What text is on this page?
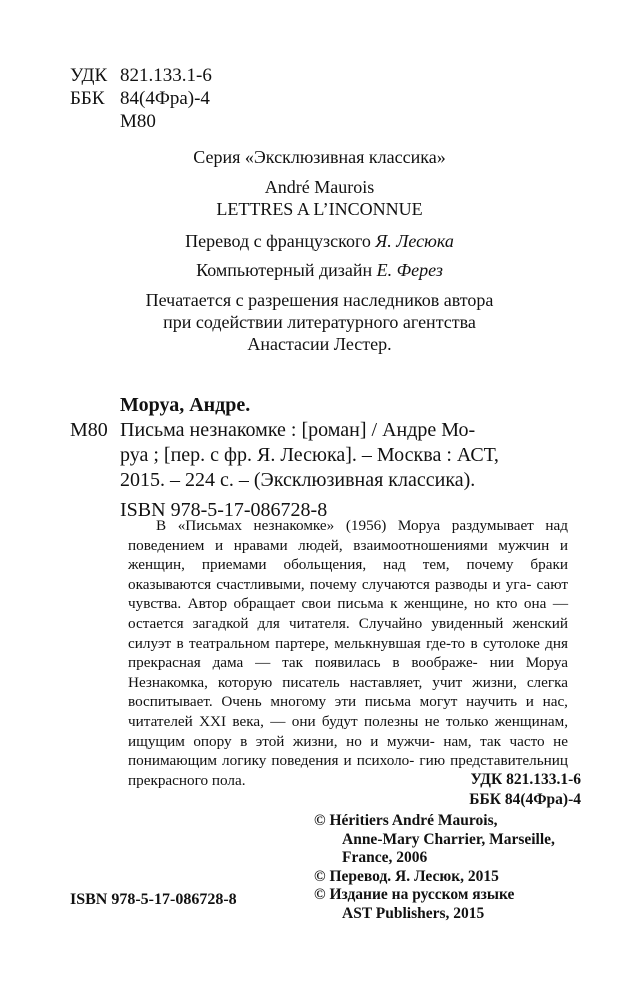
УДК 821.133.1-6
ББК 84(4Фра)-4
М80
Серия «Эксклюзивная классика»
André Maurois
LETTRES A L’INCONNUE
Перевод с французского Я. Лесюка
Компьютерный дизайн Е. Ферез
Печатается с разрешения наследников автора
при содействии литературного агентства
Анастасии Лестер.
Моруа, Андре.
М80 Письма незнакомке : [роман] / Андре Мо-
руа ; [пер. с фр. Я. Лесюка]. – Москва : АСТ,
2015. – 224 с. – (Эксклюзивная классика).
ISBN 978-5-17-086728-8

В «Письмах незнакомке» (1956) Моруа раздумывает над поведением и нравами людей, взаимоотношениями мужчин и женщин, приемами обольщения, над тем, почему браки оказываются счастливыми, почему случаются разводы и уга- сают чувства. Автор обращает свои письма к женщине, но кто она — остается загадкой для читателя. Случайно увиденный женский силуэт в театральном партере, мелькнувшая где-то в сутолоке дня прекрасная дама — так появилась в воображе- нии Моруа Незнакомка, которую писатель наставляет, учит жизни, слегка воспитывает. Очень многому эти письма могут научить и нас, читателей XXI века, — они будут полезны не только женщинам, ищущим опору в этой жизни, но и мужчи- нам, так часто не понимающим логику поведения и психоло- гию представительниц прекрасного пола.	УДК 821.133.1-6
ББК 84(4Фра)-4
© Héritiers André Maurois,
Anne-Mary Charrier, Marseille,
France, 2006
© Перевод. Я. Лесюк, 2015
© Издание на русском языке
AST Publishers, 2015
ISBN 978-5-17-086728-8
